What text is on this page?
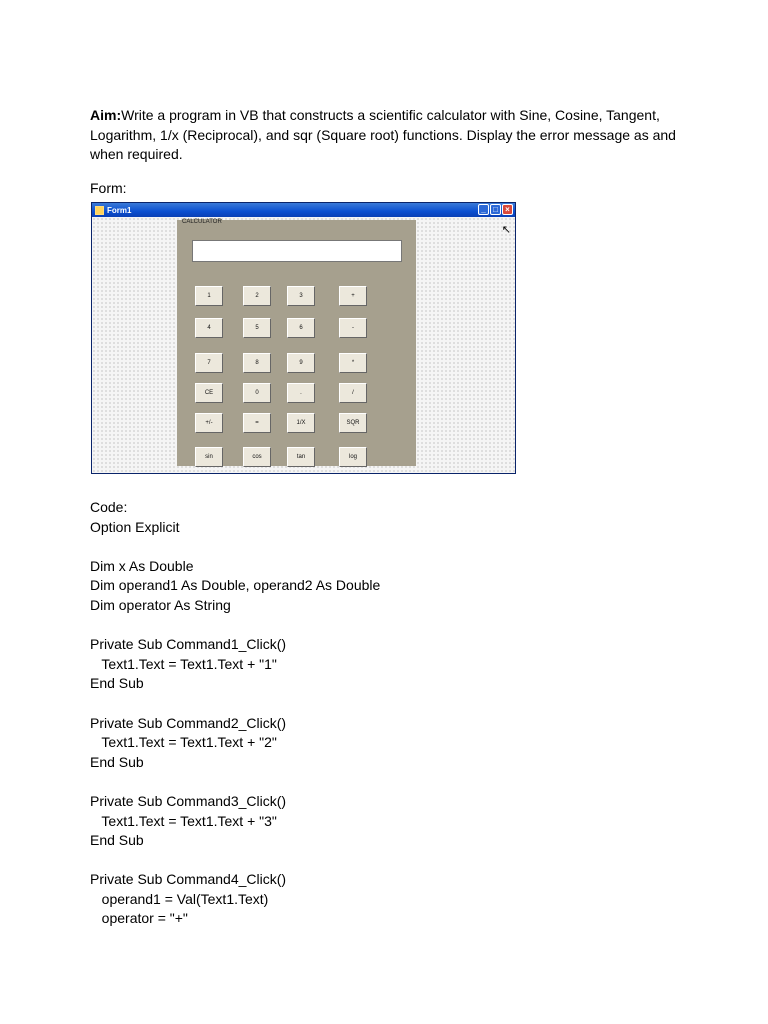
Aim:Write a program in VB that constructs a scientific calculator with Sine, Cosine, Tangent, Logarithm, 1/x (Reciprocal), and sqr (Square root) functions. Display the error message as and when required.
Form:
Form1	_ □ ×
↖
CALCULATOR
1	2	3	+
4	5	6	-
7	8	9	*
CE	0	.	/
+/-	=	1/X	SQR
sin	cos	tan	log
Code:
Option Explicit
Dim x As Double
Dim operand1 As Double, operand2 As Double
Dim operator As String
Private Sub Command1_Click()
Text1.Text = Text1.Text + "1"
End Sub
Private Sub Command2_Click()
Text1.Text = Text1.Text + "2"
End Sub
Private Sub Command3_Click()
Text1.Text = Text1.Text + "3"
End Sub
Private Sub Command4_Click()
operand1 = Val(Text1.Text)
operator = "+"
